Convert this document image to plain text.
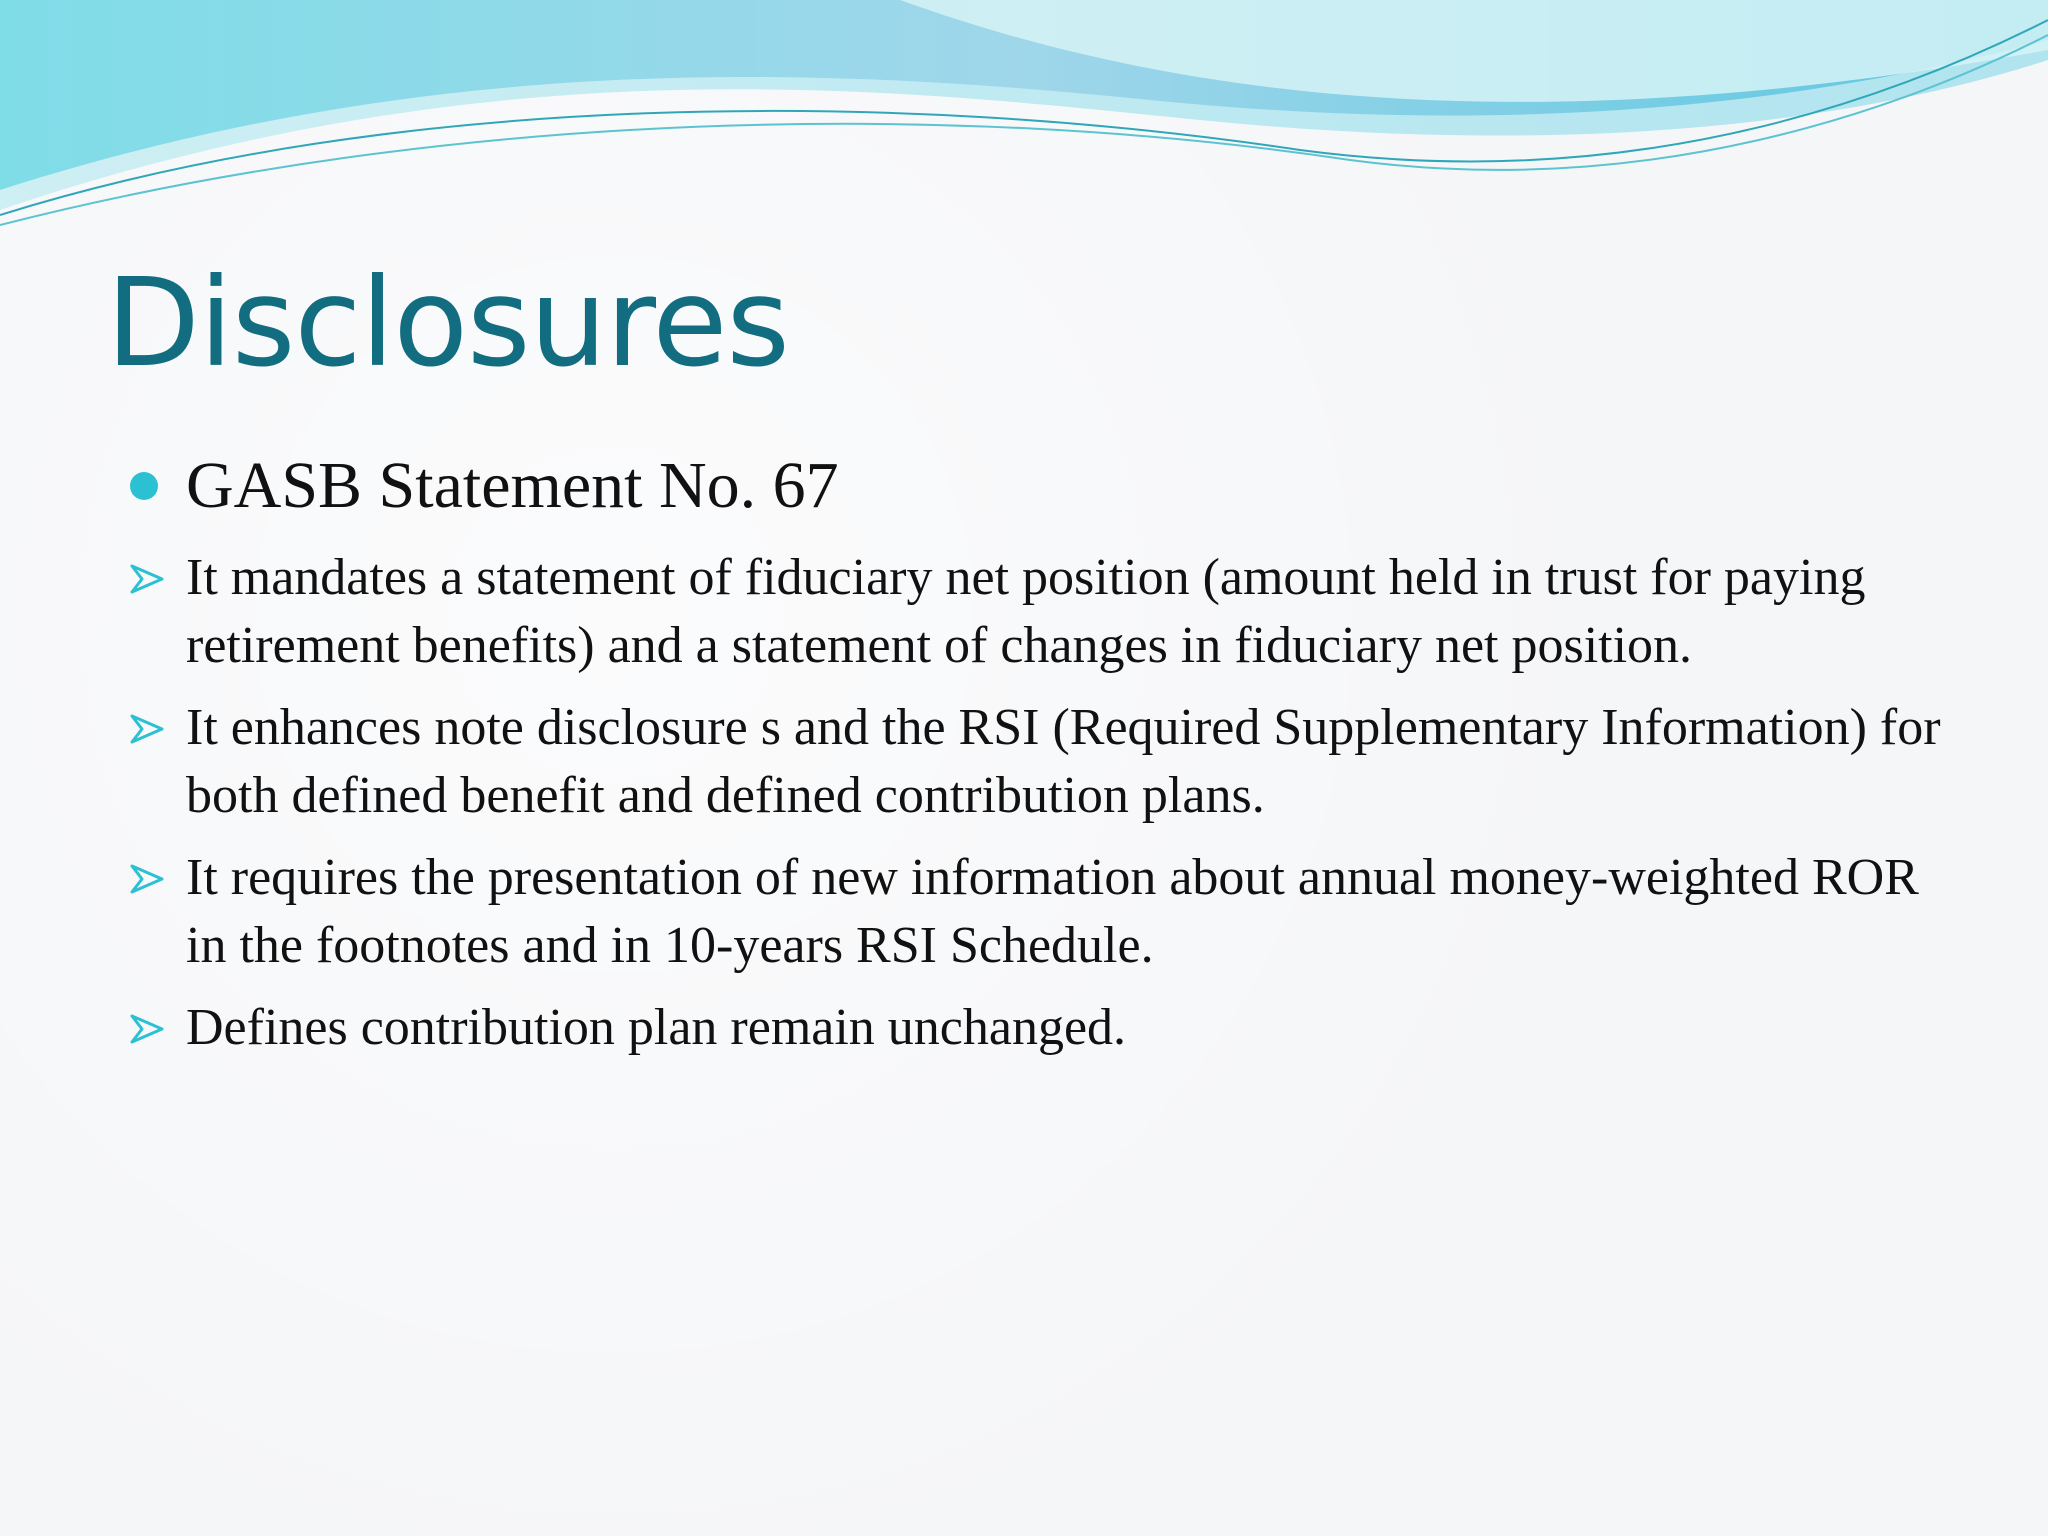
Disclosures
GASB Statement No. 67
It mandates a statement of fiduciary net position (amount held in trust for paying retirement benefits) and a statement of changes in fiduciary net position.
It enhances note disclosure s and the RSI (Required Supplementary Information) for both defined benefit and defined contribution plans.
It requires the presentation of new information about annual money-weighted ROR in the footnotes and in 10-years RSI Schedule.
Defines contribution plan remain unchanged.
